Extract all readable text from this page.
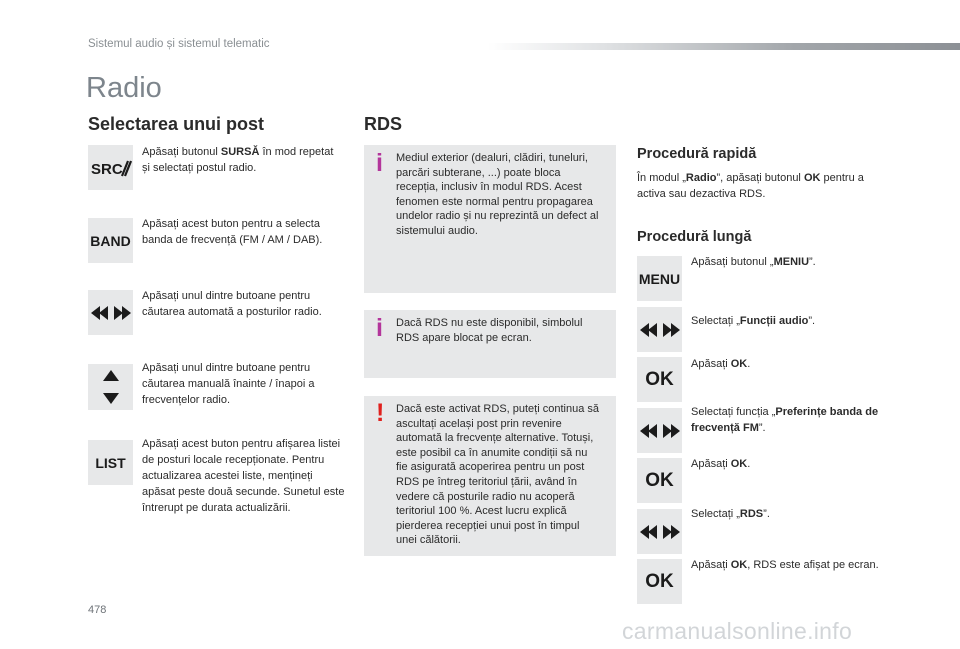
Sistemul audio și sistemul telematic
Radio
Selectarea unui post
SRC
Apăsați butonul SURSĂ în mod repetat și selectați postul radio.
BAND
Apăsați acest buton pentru a selecta banda de frecvență (FM / AM / DAB).
Apăsați unul dintre butoane pentru căutarea automată a posturilor radio.
Apăsați unul dintre butoane pentru căutarea manuală înainte / înapoi a frecvențelor radio.
LIST
Apăsați acest buton pentru afișarea listei de posturi locale recepționate. Pentru actualizarea acestei liste, mențineți apăsat peste două secunde. Sunetul este întrerupt pe durata actualizării.
RDS
i Mediul exterior (dealuri, clădiri, tuneluri, parcări subterane, ...) poate bloca recepția, inclusiv în modul RDS. Acest fenomen este normal pentru propagarea undelor radio și nu reprezintă un defect al sistemului audio.
i Dacă RDS nu este disponibil, simbolul RDS apare blocat pe ecran.
! Dacă este activat RDS, puteți continua să ascultați același post prin revenire automată la frecvențe alternative. Totuși, este posibil ca în anumite condiții să nu fie asigurată acoperirea pentru un post RDS pe întreg teritoriul țării, având în vedere că posturile radio nu acoperă teritoriul 100 %. Acest lucru explică pierderea recepției unui post în timpul unei călătorii.
Procedură rapidă
În modul „Radio”, apăsați butonul OK pentru a activa sau dezactiva RDS.
Procedură lungă
MENU
Apăsați butonul „MENIU”.
Selectați „Funcții audio”.
OK
Apăsați OK.
Selectați funcția „Preferințe banda de frecvență FM”.
OK
Apăsați OK.
Selectați „RDS”.
OK
Apăsați OK, RDS este afișat pe ecran.
478
carmanualsonline.info
